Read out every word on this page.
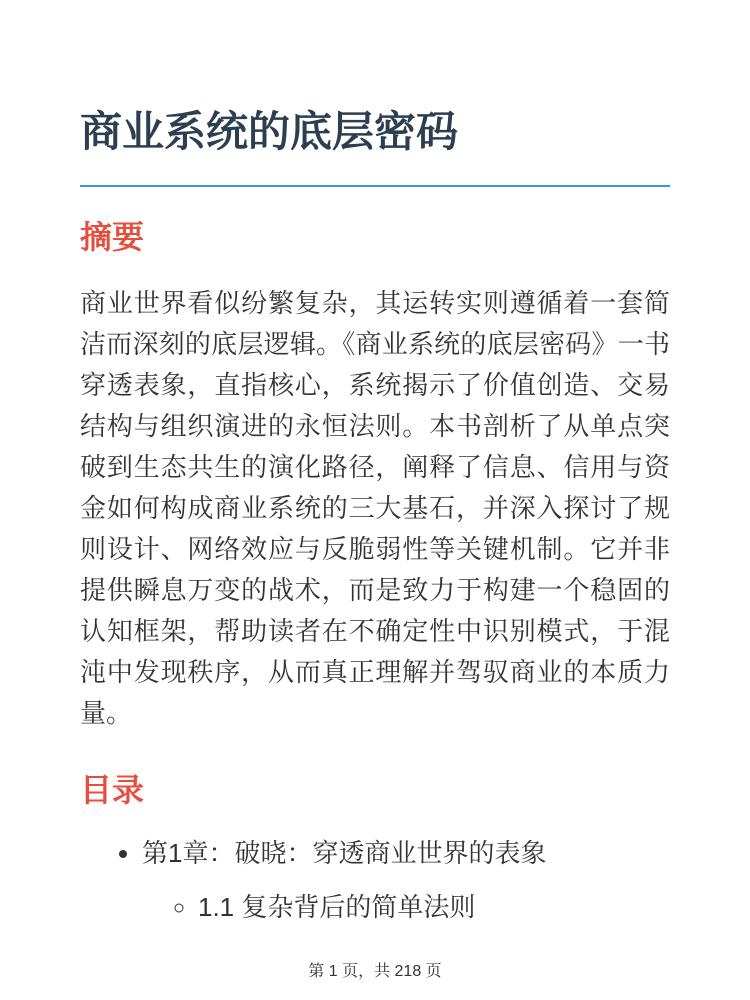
商业系统的底层密码
摘要

商业世界看似纷繁复杂，其运转实则遵循着一套简洁而深刻的底层逻辑。《商业系统的底层密码》一书穿透表象，直指核心，系统揭示了价值创造、交易结构与组织演进的永恒法则。本书剖析了从单点突破到生态共生的演化路径，阐释了信息、信用与资金如何构成商业系统的三大基石，并深入探讨了规则设计、网络效应与反脆弱性等关键机制。它并非提供瞬息万变的战术，而是致力于构建一个稳固的认知框架，帮助读者在不确定性中识别模式，于混沌中发现秩序，从而真正理解并驾驭商业的本质力量。

目录
• 第1章：破晓：穿透商业世界的表象
◦ 1.1 复杂背后的简单法则
第 1 页，共 218 页
